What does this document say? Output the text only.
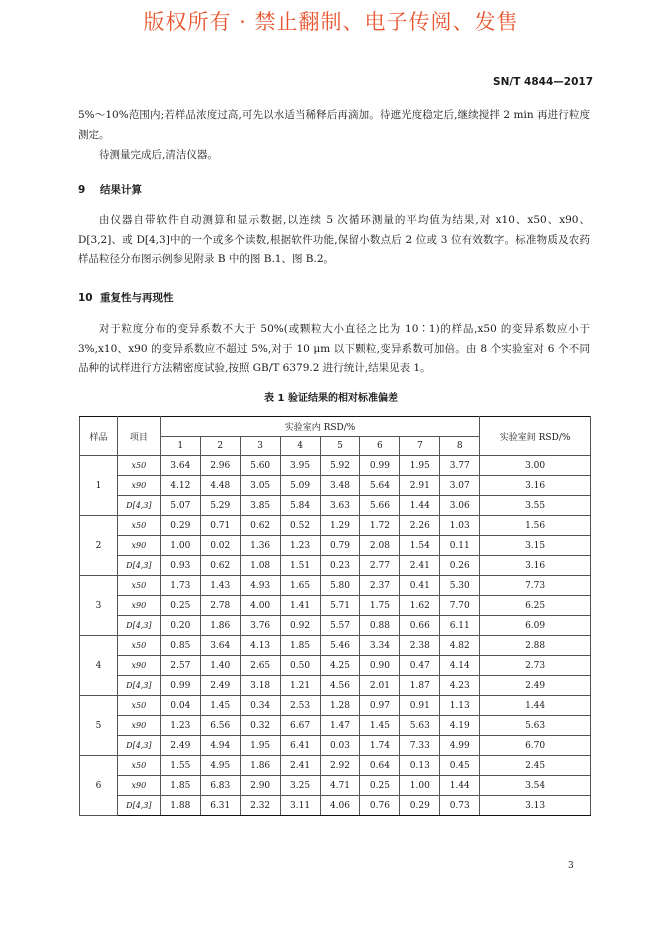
版权所有 · 禁止翻制、电子传阅、发售
SN/T 4844—2017

5%～10%范围内;若样品浓度过高,可先以水适当稀释后再滴加。待遮光度稳定后,继续搅拌 2 min 再进行粒度测定。

待测量完成后,清洁仪器。

9 结果计算

由仪器自带软件自动测算和显示数据,以连续 5 次循环测量的平均值为结果,对 x10、x50、x90、D[3,2]、或 D[4,3]中的一个或多个读数,根据软件功能,保留小数点后 2 位或 3 位有效数字。标准物质及农药样品粒径分布图示例参见附录 B 中的图 B.1、图 B.2。

10 重复性与再现性

对于粒度分布的变异系数不大于 50%(或颗粒大小直径之比为 10∶1)的样品,x50 的变异系数应小于 3%,x10、x90 的变异系数应不超过 5%,对于 10 μm 以下颗粒,变异系数可加倍。由 8 个实验室对 6 个不同品种的试样进行方法精密度试验,按照 GB/T 6379.2 进行统计,结果见表 1。

表 1 验证结果的相对标准偏差
样品	项目	实验室内 RSD/%								实验室间 RSD/%
		1	2	3	4	5	6	7	8	
1	x50	3.64	2.96	5.60	3.95	5.92	0.99	1.95	3.77	3.00
	x90	4.12	4.48	3.05	5.09	3.48	5.64	2.91	3.07	3.16
	D[4,3]	5.07	5.29	3.85	5.84	3.63	5.66	1.44	3.06	3.55
2	x50	0.29	0.71	0.62	0.52	1.29	1.72	2.26	1.03	1.56
	x90	1.00	0.02	1.36	1.23	0.79	2.08	1.54	0.11	3.15
	D[4,3]	0.93	0.62	1.08	1.51	0.23	2.77	2.41	0.26	3.16
3	x50	1.73	1.43	4.93	1.65	5.80	2.37	0.41	5.30	7.73
	x90	0.25	2.78	4.00	1.41	5.71	1.75	1.62	7.70	6.25
	D[4,3]	0.20	1.86	3.76	0.92	5.57	0.88	0.66	6.11	6.09
4	x50	0.85	3.64	4.13	1.85	5.46	3.34	2.38	4.82	2.88
	x90	2.57	1.40	2.65	0.50	4.25	0.90	0.47	4.14	2.73
	D[4,3]	0.99	2.49	3.18	1.21	4.56	2.01	1.87	4.23	2.49
5	x50	0.04	1.45	0.34	2.53	1.28	0.97	0.91	1.13	1.44
	x90	1.23	6.56	0.32	6.67	1.47	1.45	5.63	4.19	5.63
	D[4,3]	2.49	4.94	1.95	6.41	0.03	1.74	7.33	4.99	6.70
6	x50	1.55	4.95	1.86	2.41	2.92	0.64	0.13	0.45	2.45
	x90	1.85	6.83	2.90	3.25	4.71	0.25	1.00	1.44	3.54
	D[4,3]	1.88	6.31	2.32	3.11	4.06	0.76	0.29	0.73	3.13
3
